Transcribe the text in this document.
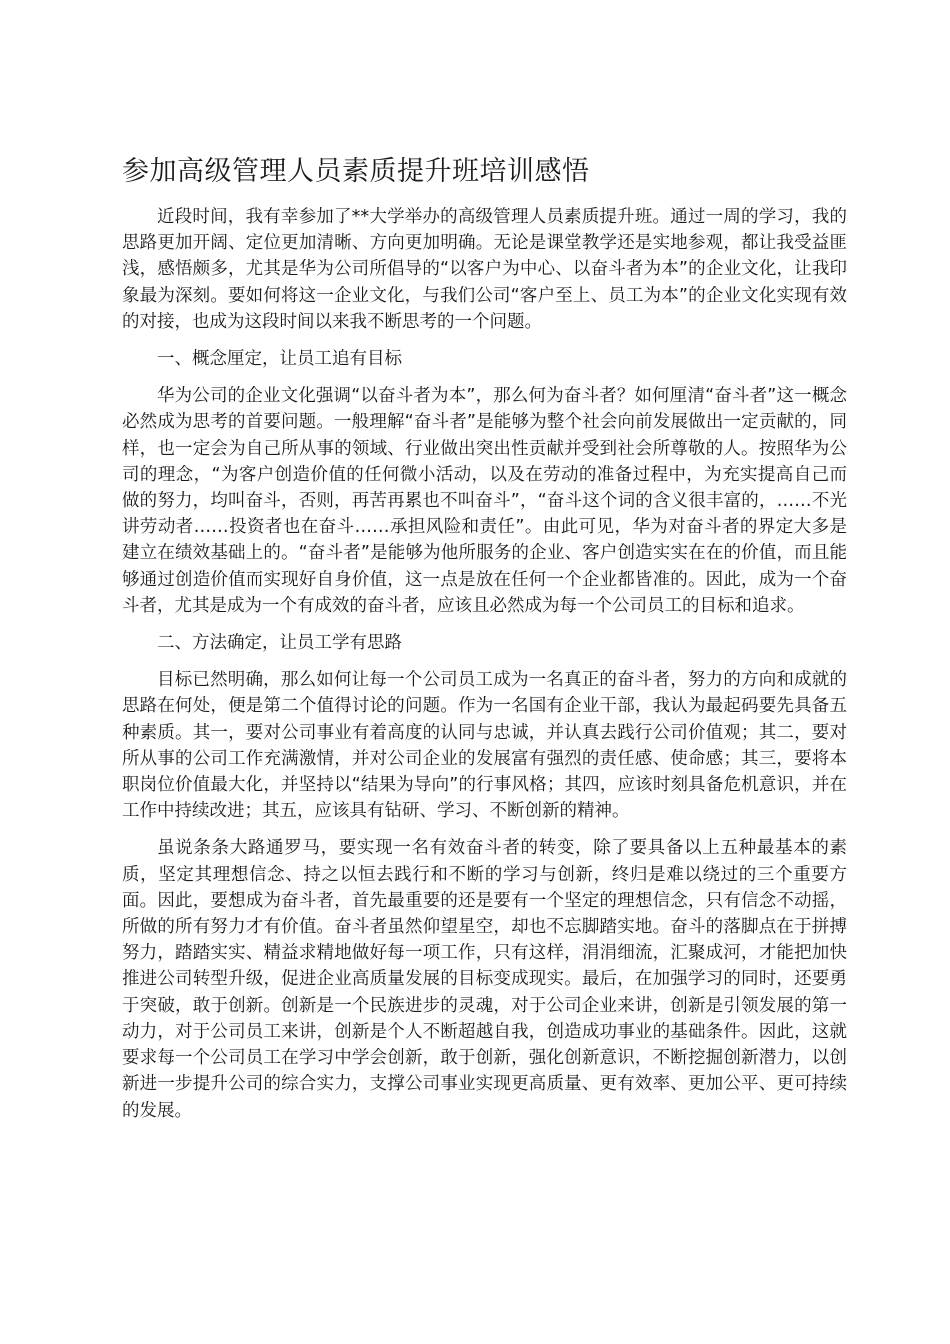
参加高级管理人员素质提升班培训感悟

近段时间，我有幸参加了**大学举办的高级管理人员素质提升班。通过一周的学习，我的思路更加开阔、定位更加清晰、方向更加明确。无论是课堂教学还是实地参观，都让我受益匪浅，感悟颇多，尤其是华为公司所倡导的“以客户为中心、以奋斗者为本”的企业文化，让我印象最为深刻。要如何将这一企业文化，与我们公司“客户至上、员工为本”的企业文化实现有效的对接，也成为这段时间以来我不断思考的一个问题。

一、概念厘定，让员工追有目标

华为公司的企业文化强调“以奋斗者为本”，那么何为奋斗者？如何厘清“奋斗者”这一概念必然成为思考的首要问题。一般理解“奋斗者”是能够为整个社会向前发展做出一定贡献的，同样，也一定会为自己所从事的领域、行业做出突出性贡献并受到社会所尊敬的人。按照华为公司的理念，“为客户创造价值的任何微小活动，以及在劳动的准备过程中，为充实提高自己而做的努力，均叫奋斗，否则，再苦再累也不叫奋斗”，“奋斗这个词的含义很丰富的，……不光讲劳动者……投资者也在奋斗……承担风险和责任”。由此可见，华为对奋斗者的界定大多是建立在绩效基础上的。“奋斗者”是能够为他所服务的企业、客户创造实实在在的价值，而且能够通过创造价值而实现好自身价值，这一点是放在任何一个企业都皆准的。因此，成为一个奋斗者，尤其是成为一个有成效的奋斗者，应该且必然成为每一个公司员工的目标和追求。

二、方法确定，让员工学有思路

目标已然明确，那么如何让每一个公司员工成为一名真正的奋斗者，努力的方向和成就的思路在何处，便是第二个值得讨论的问题。作为一名国有企业干部，我认为最起码要先具备五种素质。其一，要对公司事业有着高度的认同与忠诚，并认真去践行公司价值观；其二，要对所从事的公司工作充满激情，并对公司企业的发展富有强烈的责任感、使命感；其三，要将本职岗位价值最大化，并坚持以“结果为导向”的行事风格；其四，应该时刻具备危机意识，并在工作中持续改进；其五，应该具有钻研、学习、不断创新的精神。

虽说条条大路通罗马，要实现一名有效奋斗者的转变，除了要具备以上五种最基本的素质，坚定其理想信念、持之以恒去践行和不断的学习与创新，终归是难以绕过的三个重要方面。因此，要想成为奋斗者，首先最重要的还是要有一个坚定的理想信念，只有信念不动摇，所做的所有努力才有价值。奋斗者虽然仰望星空，却也不忘脚踏实地。奋斗的落脚点在于拼搏努力，踏踏实实、精益求精地做好每一项工作，只有这样，涓涓细流，汇聚成河，才能把加快推进公司转型升级，促进企业高质量发展的目标变成现实。最后，在加强学习的同时，还要勇于突破，敢于创新。创新是一个民族进步的灵魂，对于公司企业来讲，创新是引领发展的第一动力，对于公司员工来讲，创新是个人不断超越自我，创造成功事业的基础条件。因此，这就要求每一个公司员工在学习中学会创新，敢于创新，强化创新意识，不断挖掘创新潜力，以创新进一步提升公司的综合实力，支撑公司事业实现更高质量、更有效率、更加公平、更可持续的发展。
